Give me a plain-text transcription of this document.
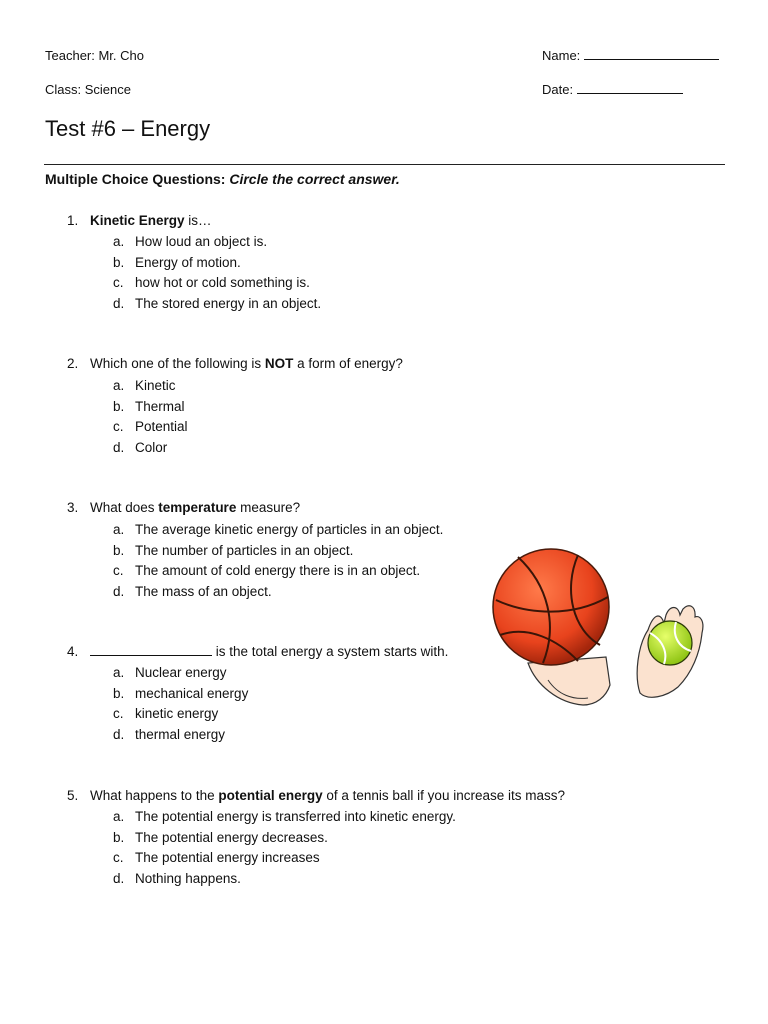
Teacher: Mr. Cho
Class: Science
Name:
Date:
Test #6 – Energy
Multiple Choice Questions: Circle the correct answer.
1. Kinetic Energy is…
a. How loud an object is.
b. Energy of motion.
c. how hot or cold something is.
d. The stored energy in an object.
2. Which one of the following is NOT a form of energy?
a. Kinetic
b. Thermal
c. Potential
d. Color
3. What does temperature measure?
a. The average kinetic energy of particles in an object.
b. The number of particles in an object.
c. The amount of cold energy there is in an object.
d. The mass of an object.
4.	is the total energy a system starts with.
a. Nuclear energy
b. mechanical energy
c. kinetic energy
d. thermal energy
5. What happens to the potential energy of a tennis ball if you increase its mass?
a. The potential energy is transferred into kinetic energy.
b. The potential energy decreases.
c. The potential energy increases
d. Nothing happens.
